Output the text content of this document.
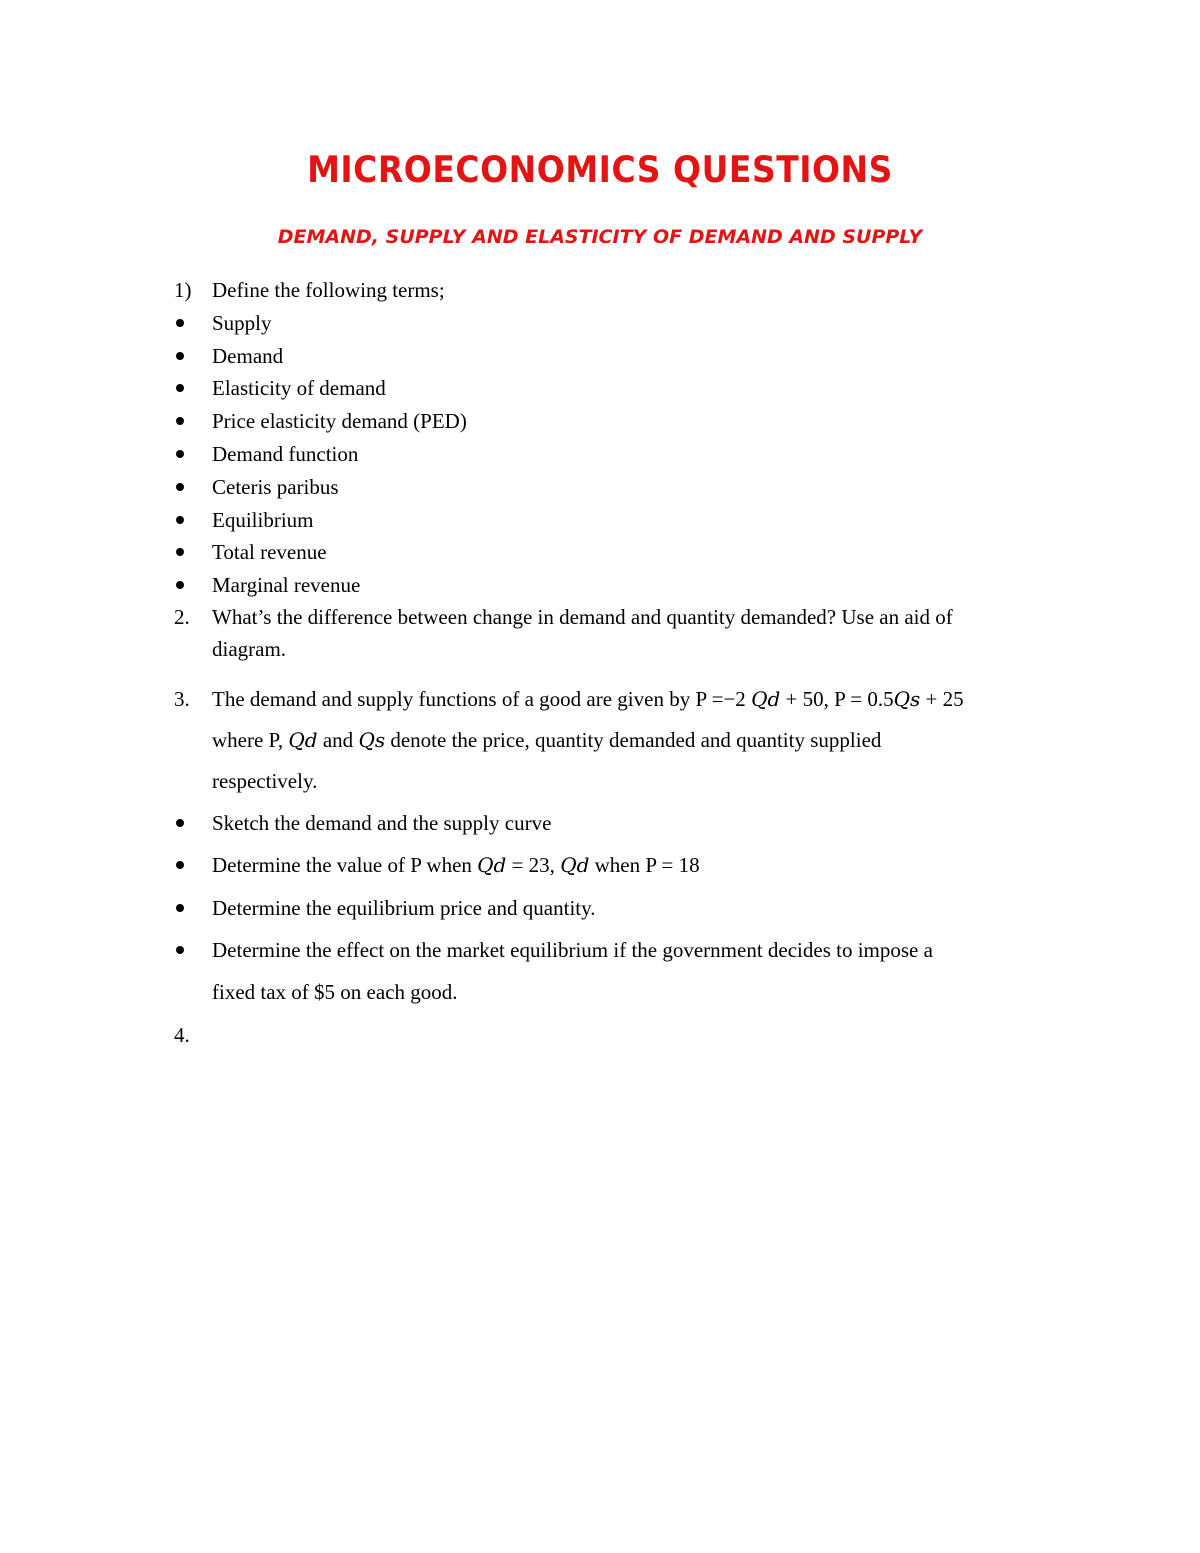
MICROECONOMICS QUESTIONS
DEMAND, SUPPLY AND ELASTICITY OF DEMAND AND SUPPLY
1) Define the following terms;
Supply
Demand
Elasticity of demand
Price elasticity demand (PED)
Demand function
Ceteris paribus
Equilibrium
Total revenue
Marginal revenue
2. What’s the difference between change in demand and quantity demanded? Use an aid of
diagram.
3. The demand and supply functions of a good are given by P =−2 Qd + 50, P = 0.5Qs + 25
where P, Qd and Qs denote the price, quantity demanded and quantity supplied
respectively.
Sketch the demand and the supply curve
Determine the value of P when Qd = 23, Qd when P = 18
Determine the equilibrium price and quantity.
Determine the effect on the market equilibrium if the government decides to impose a
fixed tax of $5 on each good.
4.
